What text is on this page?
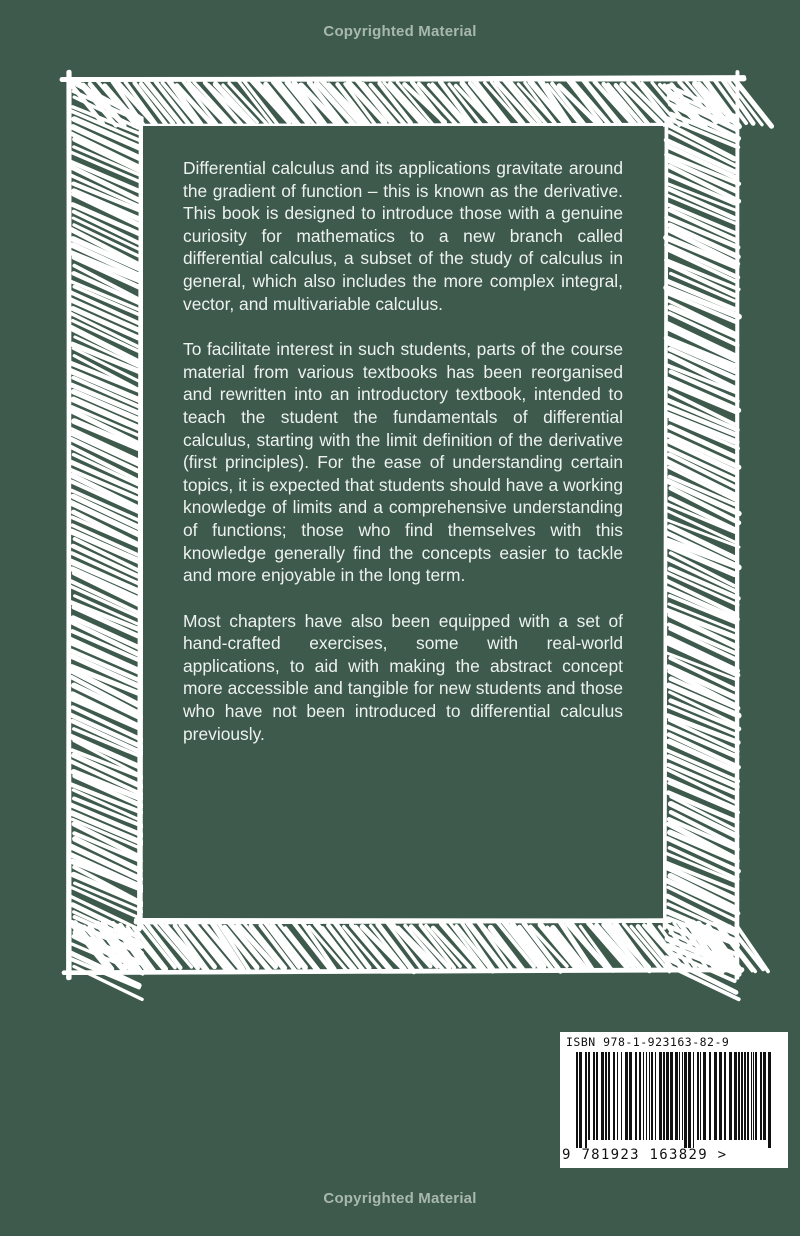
Copyrighted Material

Differential calculus and its applications gravitate around the gradient of function – this is known as the derivative. This book is designed to introduce those with a genuine curiosity for mathematics to a new branch called differential calculus, a subset of the study of calculus in general, which also includes the more complex integral, vector, and multivariable calculus.

To facilitate interest in such students, parts of the course material from various textbooks has been reorganised and rewritten into an introductory textbook, intended to teach the student the fundamentals of differential calculus, starting with the limit definition of the derivative (first principles). For the ease of understanding certain topics, it is expected that students should have a working knowledge of limits and a comprehensive understanding of functions; those who find themselves with this knowledge generally find the concepts easier to tackle and more enjoyable in the long term.

Most chapters have also been equipped with a set of hand-crafted exercises, some with real-world applications, to aid with making the abstract concept more accessible and tangible for new students and those who have not been introduced to differential calculus previously.

ISBN 978-1-923163-82-9
9 781923 163829 >
Copyrighted Material
